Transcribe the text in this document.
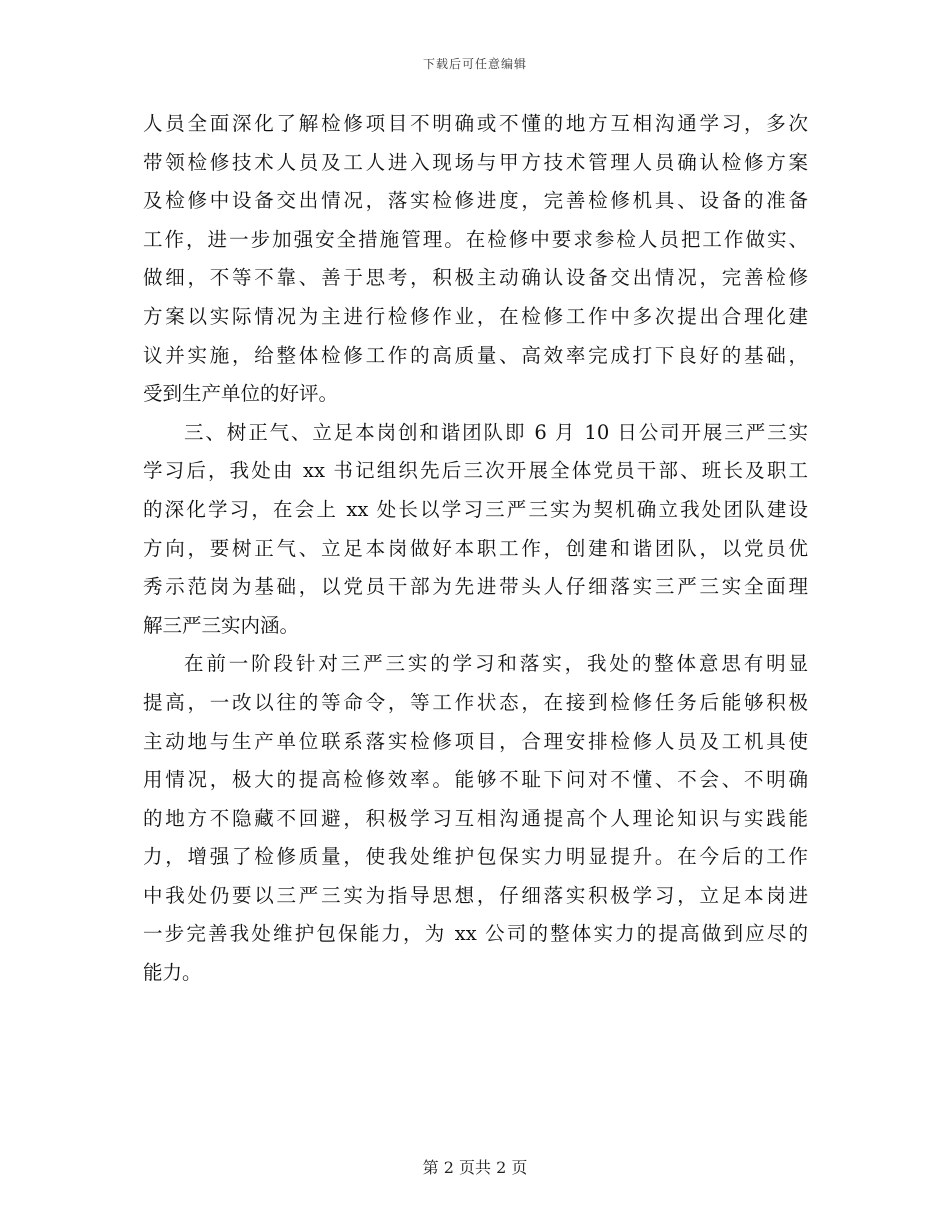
下载后可任意编辑
人员全面深化了解检修项目不明确或不懂的地方互相沟通学习，多次
带领检修技术人员及工人进入现场与甲方技术管理人员确认检修方案
及检修中设备交出情况，落实检修进度，完善检修机具、设备的准备
工作，进一步加强安全措施管理。在检修中要求参检人员把工作做实、
做细，不等不靠、善于思考，积极主动确认设备交出情况，完善检修
方案以实际情况为主进行检修作业，在检修工作中多次提出合理化建
议并实施，给整体检修工作的高质量、高效率完成打下良好的基础，
受到生产单位的好评。
三、树正气、立足本岗创和谐团队即 6 月 10 日公司开展三严三实
学习后，我处由 xx 书记组织先后三次开展全体党员干部、班长及职工
的深化学习，在会上 xx 处长以学习三严三实为契机确立我处团队建设
方向，要树正气、立足本岗做好本职工作，创建和谐团队，以党员优
秀示范岗为基础，以党员干部为先进带头人仔细落实三严三实全面理
解三严三实内涵。
在前一阶段针对三严三实的学习和落实，我处的整体意思有明显
提高，一改以往的等命令，等工作状态，在接到检修任务后能够积极
主动地与生产单位联系落实检修项目，合理安排检修人员及工机具使
用情况，极大的提高检修效率。能够不耻下问对不懂、不会、不明确
的地方不隐藏不回避，积极学习互相沟通提高个人理论知识与实践能
力，增强了检修质量，使我处维护包保实力明显提升。在今后的工作
中我处仍要以三严三实为指导思想，仔细落实积极学习，立足本岗进
一步完善我处维护包保能力，为 xx 公司的整体实力的提高做到应尽的
能力。
第 2 页共 2 页
